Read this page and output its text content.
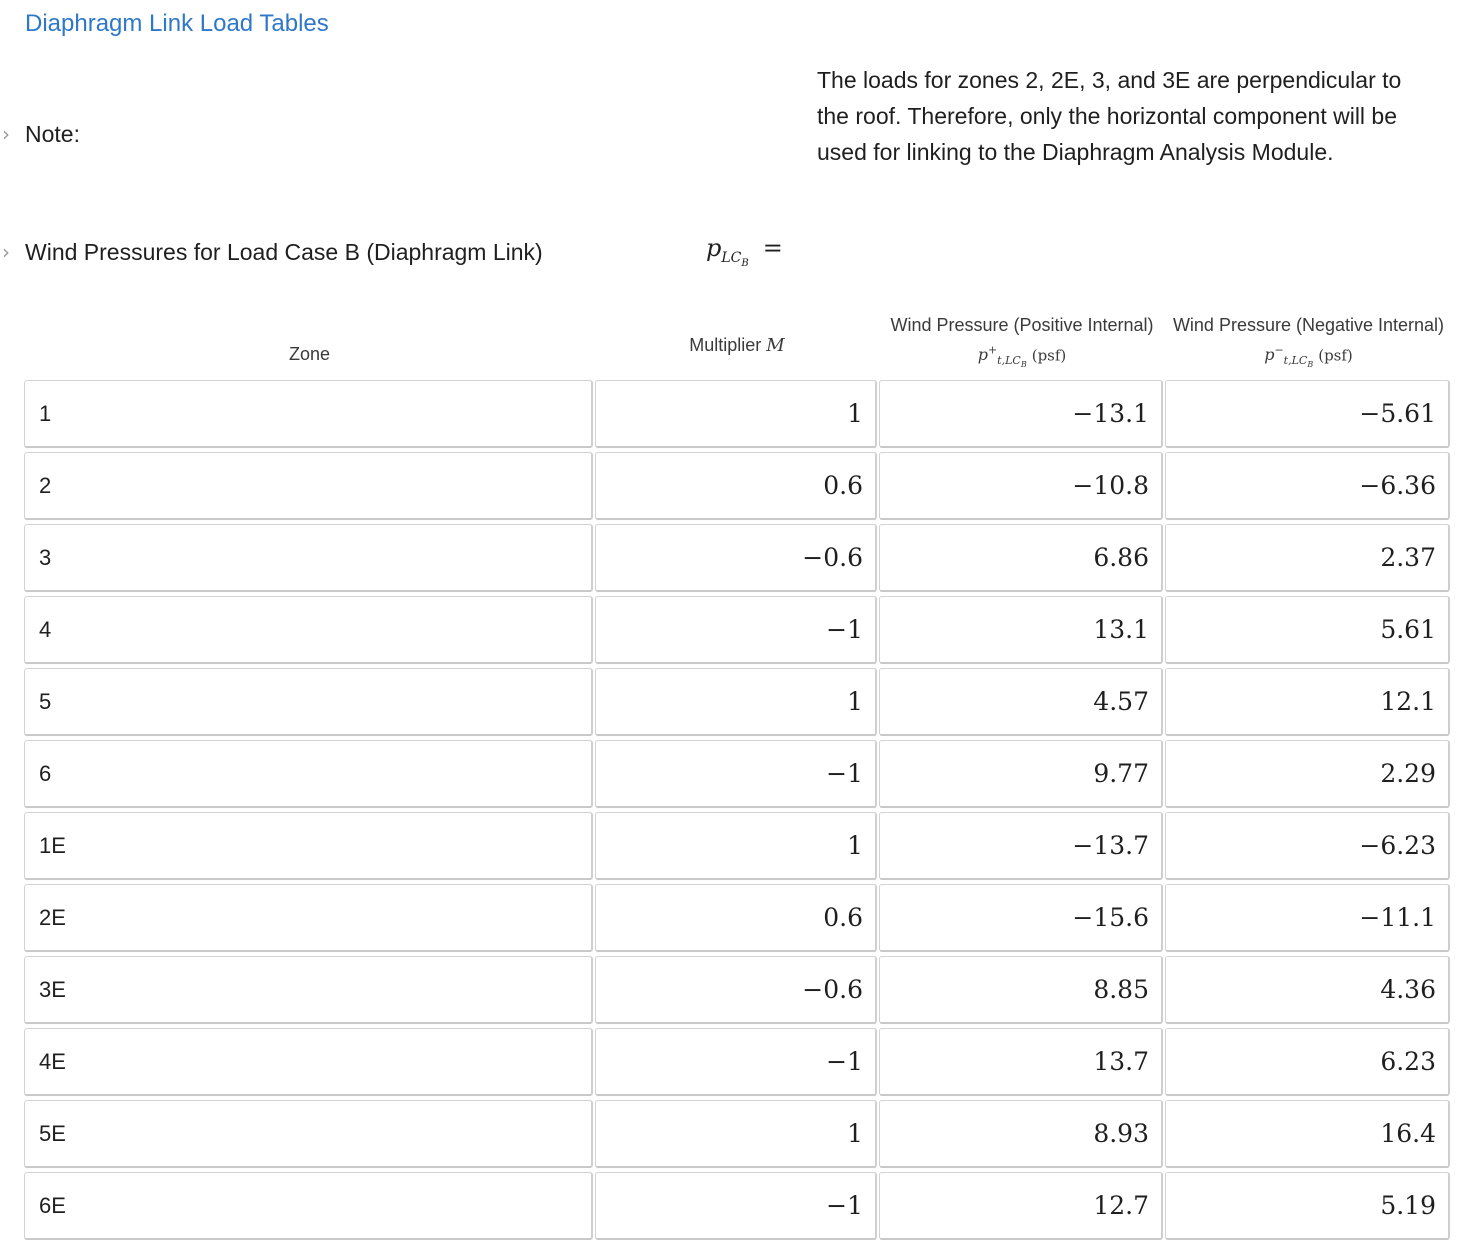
Diaphragm Link Load Tables
› Note:
The loads for zones 2, 2E, 3, and 3E are perpendicular to the roof. Therefore, only the horizontal component will be used for linking to the Diaphragm Analysis Module.
› Wind Pressures for Load Case B (Diaphragm Link)	$p_{LC_B}=$
Zone	Multiplier
M
Wind Pressure (Positive Internal) $p^+_{t,LC_B}$ (psf)
Wind Pressure (Negative Internal) $p^-_{t,LC_B}$ (psf)
1	1	−13.1	−5.61
2	0.6	−10.8	−6.36
3	−0.6	6.86	2.37
4	−1	13.1	5.61
5	1	4.57	12.1
6	−1	9.77	2.29
1E	1	−13.7	−6.23
2E	0.6	−15.6	−11.1
3E	−0.6	8.85	4.36
4E	−1	13.7	6.23
5E	1	8.93	16.4
6E	−1	12.7	5.19
